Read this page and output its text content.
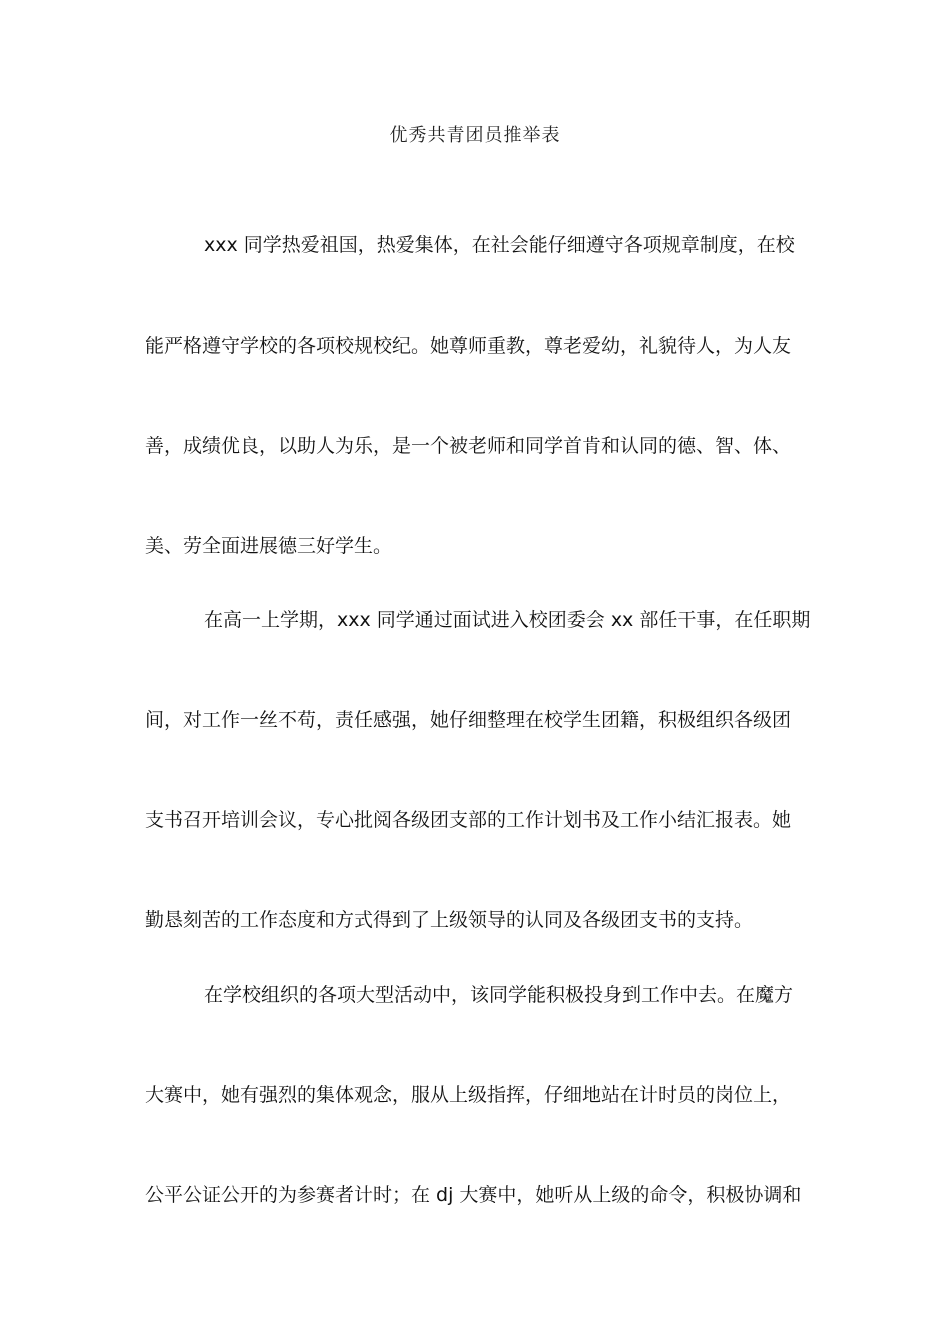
优秀共青团员推举表

xxx 同学热爱祖国，热爱集体，在社会能仔细遵守各项规章制度，在校

能严格遵守学校的各项校规校纪。她尊师重教，尊老爱幼，礼貌待人，为人友

善，成绩优良，以助人为乐，是一个被老师和同学首肯和认同的德、智、体、

美、劳全面进展德三好学生。

在高一上学期，xxx 同学通过面试进入校团委会 xx 部任干事，在任职期

间，对工作一丝不苟，责任感强，她仔细整理在校学生团籍，积极组织各级团

支书召开培训会议，专心批阅各级团支部的工作计划书及工作小结汇报表。她

勤恳刻苦的工作态度和方式得到了上级领导的认同及各级团支书的支持。

在学校组织的各项大型活动中，该同学能积极投身到工作中去。在魔方

大赛中，她有强烈的集体观念，服从上级指挥，仔细地站在计时员的岗位上，

公平公证公开的为参赛者计时；在 dj 大赛中，她听从上级的命令，积极协调和
